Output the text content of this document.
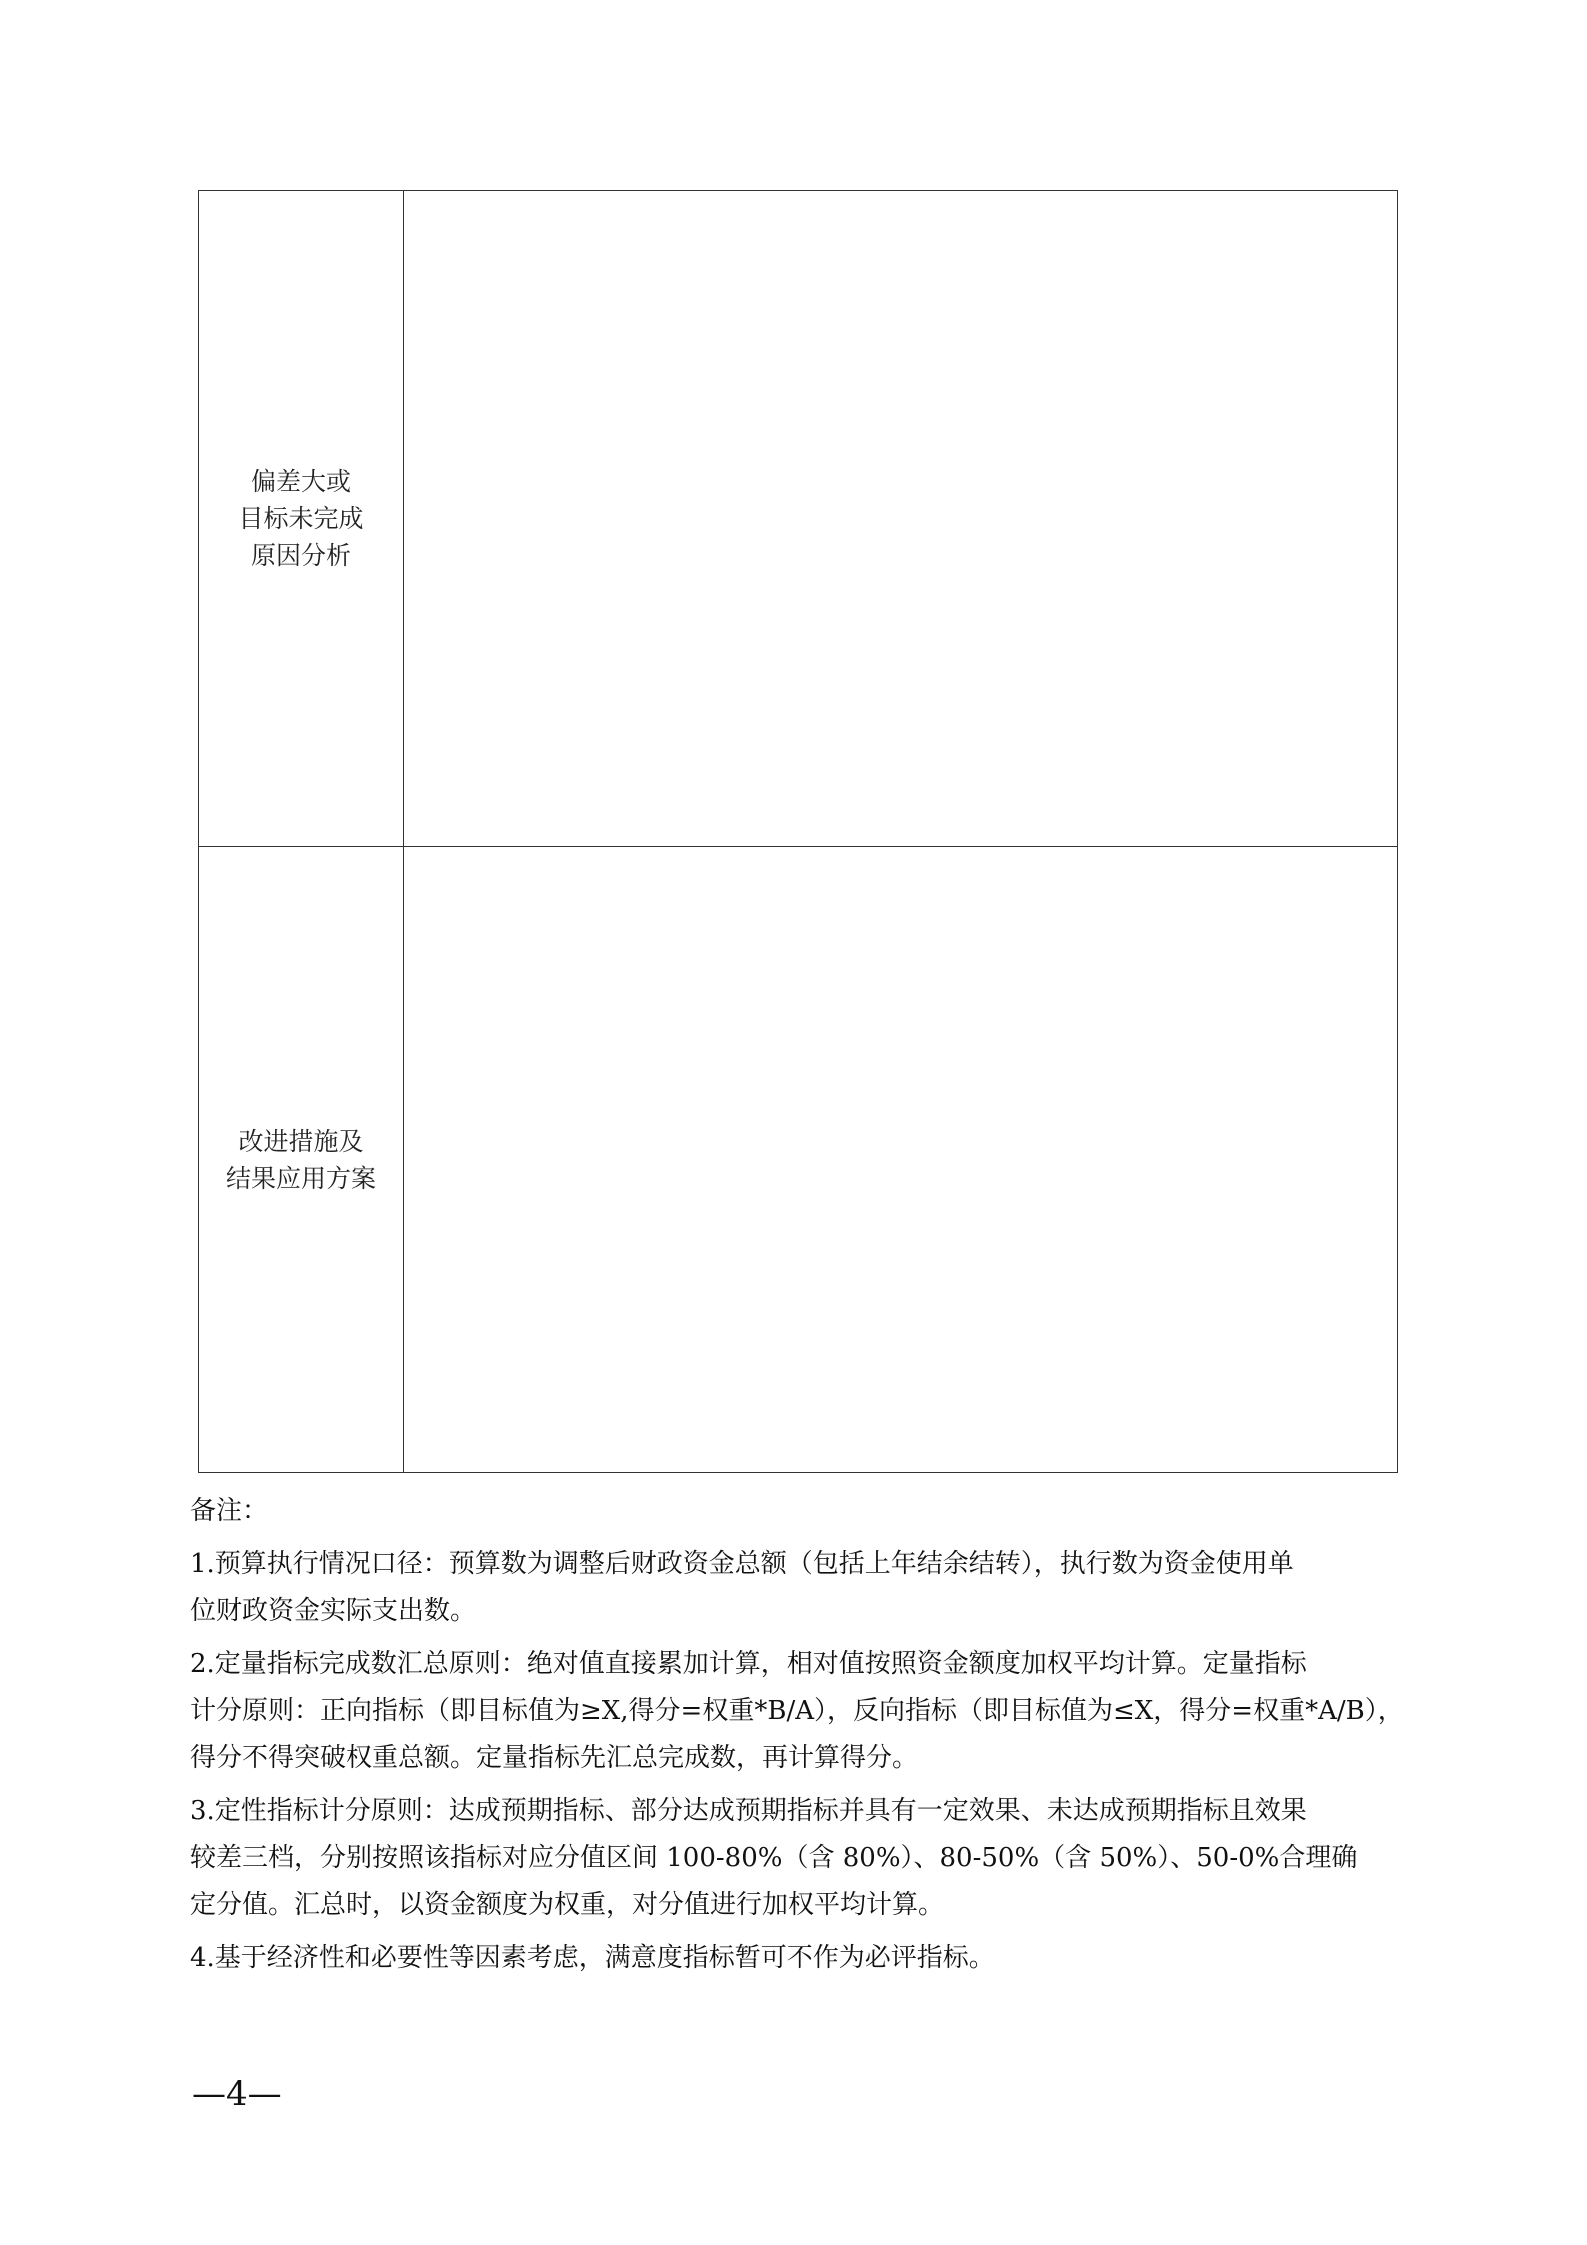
偏差大或
目标未完成
原因分析	

改进措施及
结果应用方案	

备注：
1.预算执行情况口径：预算数为调整后财政资金总额（包括上年结余结转），执行数为资金使用单
位财政资金实际支出数。
2.定量指标完成数汇总原则：绝对值直接累加计算，相对值按照资金额度加权平均计算。定量指标
计分原则：正向指标（即目标值为≥X,得分=权重*B/A），反向指标（即目标值为≤X，得分=权重*A/B），
得分不得突破权重总额。定量指标先汇总完成数，再计算得分。
3.定性指标计分原则：达成预期指标、部分达成预期指标并具有一定效果、未达成预期指标且效果
较差三档，分别按照该指标对应分值区间 100-80%（含 80%）、80-50%（含 50%）、50-0%合理确
定分值。汇总时，以资金额度为权重，对分值进行加权平均计算。
4.基于经济性和必要性等因素考虑，满意度指标暂可不作为必评指标。
—4—
